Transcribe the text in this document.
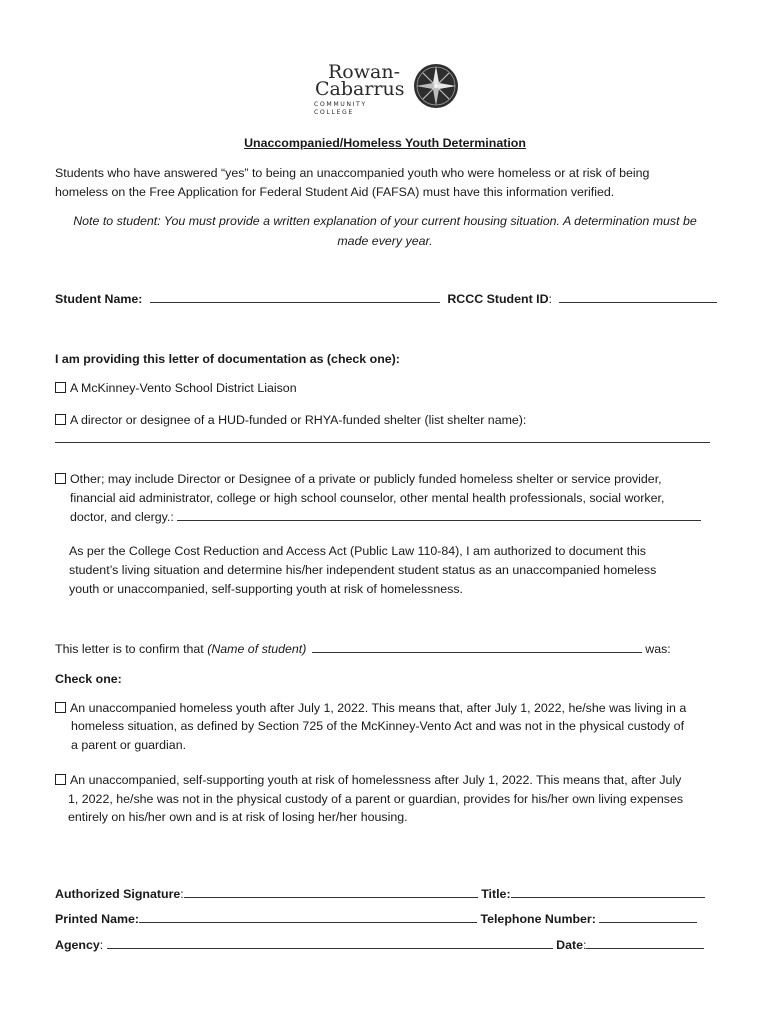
Rowan-
Cabarrus
COMMUNITY COLLEGE
Unaccompanied/Homeless Youth Determination
Students who have answered “yes” to being an unaccompanied youth who were homeless or at risk of being
homeless on the Free Application for Federal Student Aid (FAFSA) must have this information verified.
Note to student: You must provide a written explanation of your current housing situation. A determination must be
made every year.
Student Name:	RCCC Student ID:
I am providing this letter of documentation as (check one):
A McKinney-Vento School District Liaison
A director or designee of a HUD-funded or RHYA-funded shelter (list shelter name):
Other; may include Director or Designee of a private or publicly funded homeless shelter or service provider,
financial aid administrator, college or high school counselor, other mental health professionals, social worker,
doctor, and clergy.:
As per the College Cost Reduction and Access Act (Public Law 110-84), I am authorized to document this
student’s living situation and determine his/her independent student status as an unaccompanied homeless
youth or unaccompanied, self-supporting youth at risk of homelessness.
This letter is to confirm that (Name of student)	was:
Check one:
An unaccompanied homeless youth after July 1, 2022. This means that, after July 1, 2022, he/she was living in a
homeless situation, as defined by Section 725 of the McKinney-Vento Act and was not in the physical custody of
a parent or guardian.
An unaccompanied, self-supporting youth at risk of homelessness after July 1, 2022. This means that, after July
1, 2022, he/she was not in the physical custody of a parent or guardian, provides for his/her own living expenses
entirely on his/her own and is at risk of losing her/her housing.
Authorized Signature:	Title:
Printed Name:	Telephone Number:
Agency:	Date:
